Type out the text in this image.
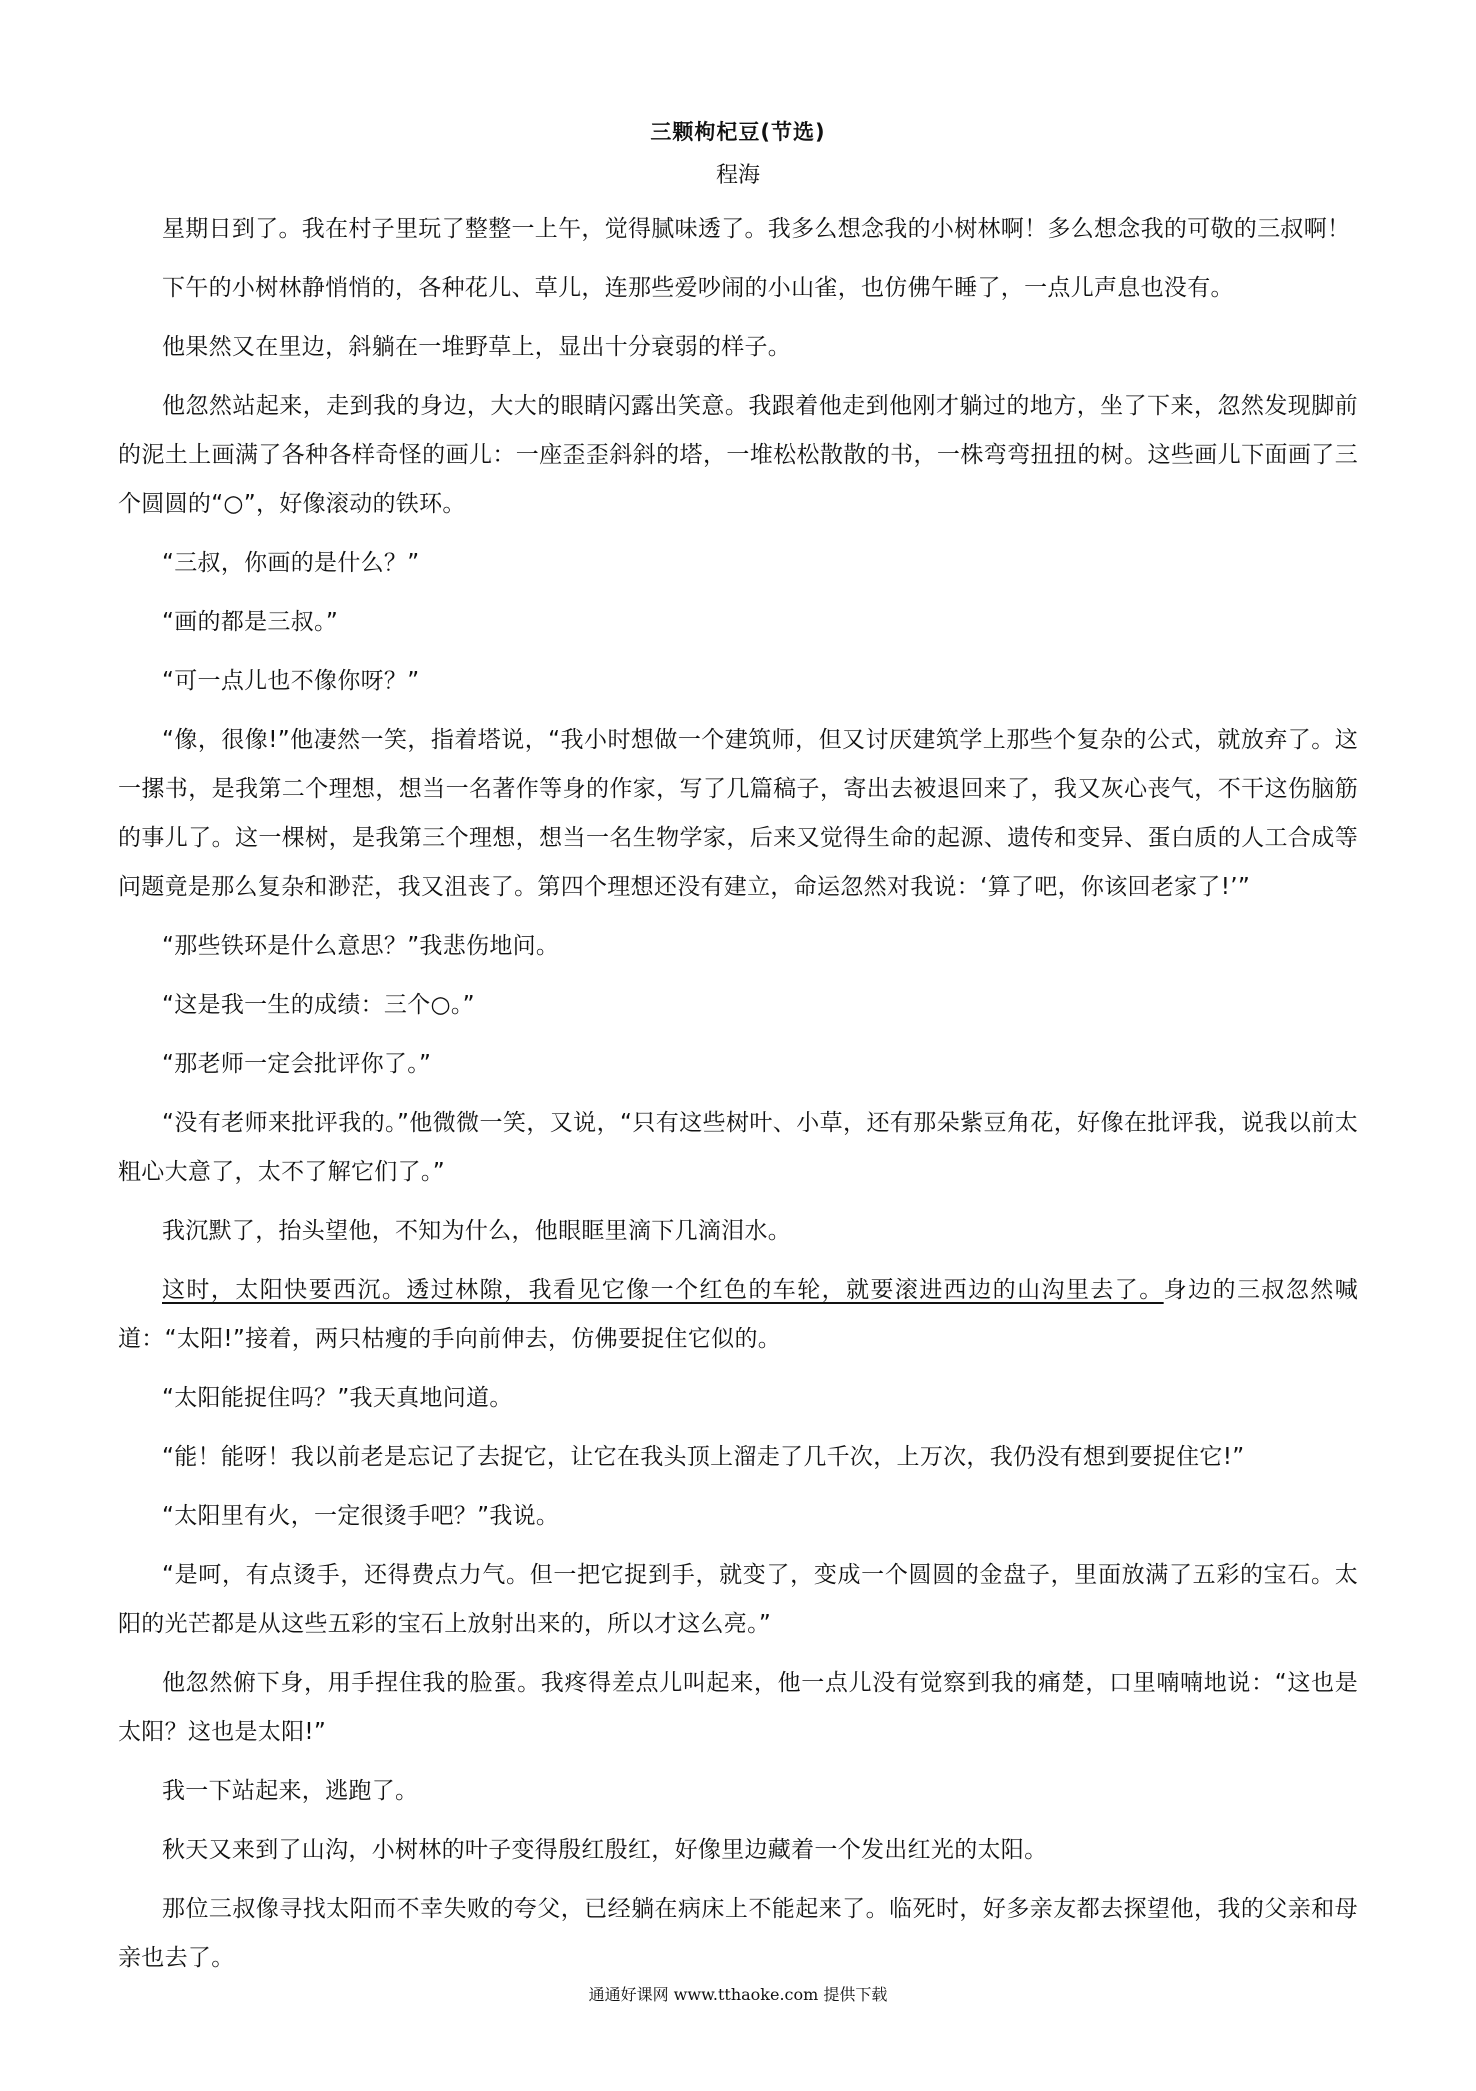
三颗枸杞豆(节选)
程海

星期日到了。我在村子里玩了整整一上午，觉得腻味透了。我多么想念我的小树林啊！多么想念我的可敬的三叔啊！

下午的小树林静悄悄的，各种花儿、草儿，连那些爱吵闹的小山雀，也仿佛午睡了，一点儿声息也没有。

他果然又在里边，斜躺在一堆野草上，显出十分衰弱的样子。

他忽然站起来，走到我的身边，大大的眼睛闪露出笑意。我跟着他走到他刚才躺过的地方，坐了下来，忽然发现脚前的泥土上画满了各种各样奇怪的画儿：一座歪歪斜斜的塔，一堆松松散散的书，一株弯弯扭扭的树。这些画儿下面画了三个圆圆的“○”，好像滚动的铁环。

“三叔，你画的是什么？”

“画的都是三叔。”

“可一点儿也不像你呀？”

“像，很像!”他凄然一笑，指着塔说，“我小时想做一个建筑师，但又讨厌建筑学上那些个复杂的公式，就放弃了。这一摞书，是我第二个理想，想当一名著作等身的作家，写了几篇稿子，寄出去被退回来了，我又灰心丧气，不干这伤脑筋的事儿了。这一棵树，是我第三个理想，想当一名生物学家，后来又觉得生命的起源、遗传和变异、蛋白质的人工合成等问题竟是那么复杂和渺茫，我又沮丧了。第四个理想还没有建立，命运忽然对我说：‘算了吧，你该回老家了!’”

“那些铁环是什么意思？”我悲伤地问。

“这是我一生的成绩：三个○。”

“那老师一定会批评你了。”

“没有老师来批评我的。”他微微一笑，又说，“只有这些树叶、小草，还有那朵紫豆角花，好像在批评我，说我以前太粗心大意了，太不了解它们了。”

我沉默了，抬头望他，不知为什么，他眼眶里滴下几滴泪水。

这时，太阳快要西沉。透过林隙，我看见它像一个红色的车轮，就要滚进西边的山沟里去了。身边的三叔忽然喊道：“太阳!”接着，两只枯瘦的手向前伸去，仿佛要捉住它似的。

“太阳能捉住吗？”我天真地问道。

“能！能呀！我以前老是忘记了去捉它，让它在我头顶上溜走了几千次，上万次，我仍没有想到要捉住它!”

“太阳里有火，一定很烫手吧？”我说。

“是呵，有点烫手，还得费点力气。但一把它捉到手，就变了，变成一个圆圆的金盘子，里面放满了五彩的宝石。太阳的光芒都是从这些五彩的宝石上放射出来的，所以才这么亮。”

他忽然俯下身，用手捏住我的脸蛋。我疼得差点儿叫起来，他一点儿没有觉察到我的痛楚，口里喃喃地说：“这也是太阳？这也是太阳!”

我一下站起来，逃跑了。

秋天又来到了山沟，小树林的叶子变得殷红殷红，好像里边藏着一个发出红光的太阳。

那位三叔像寻找太阳而不幸失败的夸父，已经躺在病床上不能起来了。临死时，好多亲友都去探望他，我的父亲和母亲也去了。

通通好课网 www.tthaoke.com 提供下载
